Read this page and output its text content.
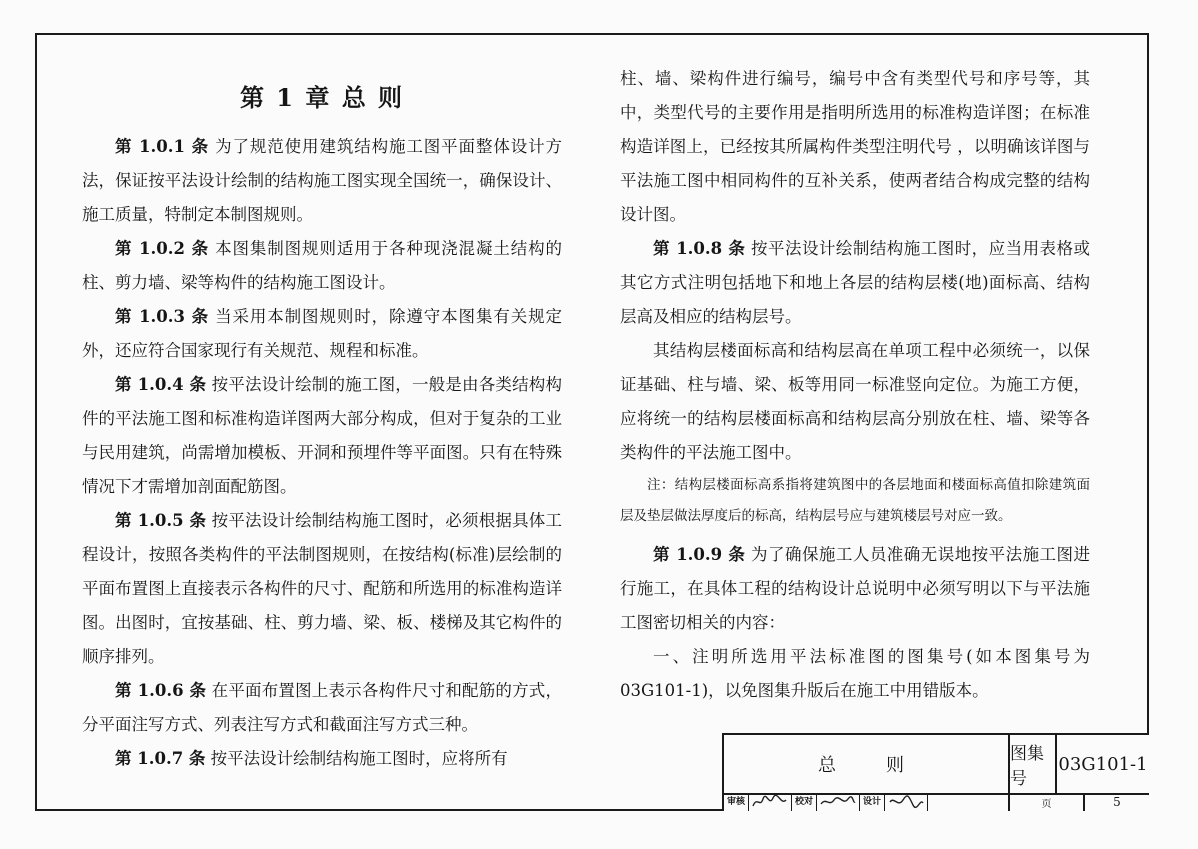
第 1 章 总 则

第 1.0.1 条 为了规范使用建筑结构施工图平面整体设计方法，保证按平法设计绘制的结构施工图实现全国统一，确保设计、施工质量，特制定本制图规则。

第 1.0.2 条 本图集制图规则适用于各种现浇混凝土结构的柱、剪力墙、梁等构件的结构施工图设计。

第 1.0.3 条 当采用本制图规则时，除遵守本图集有关规定外，还应符合国家现行有关规范、规程和标准。

第 1.0.4 条 按平法设计绘制的施工图，一般是由各类结构构件的平法施工图和标准构造详图两大部分构成，但对于复杂的工业与民用建筑，尚需增加模板、开洞和预埋件等平面图。只有在特殊情况下才需增加剖面配筋图。

第 1.0.5 条 按平法设计绘制结构施工图时，必须根据具体工程设计，按照各类构件的平法制图规则，在按结构(标准)层绘制的平面布置图上直接表示各构件的尺寸、配筋和所选用的标准构造详图。出图时，宜按基础、柱、剪力墙、梁、板、楼梯及其它构件的顺序排列。

第 1.0.6 条 在平面布置图上表示各构件尺寸和配筋的方式，分平面注写方式、列表注写方式和截面注写方式三种。

第 1.0.7 条 按平法设计绘制结构施工图时，应将所有

柱、墙、梁构件进行编号，编号中含有类型代号和序号等，其中，类型代号的主要作用是指明所选用的标准构造详图；在标准构造详图上，已经按其所属构件类型注明代号 ，以明确该详图与平法施工图中相同构件的互补关系，使两者结合构成完整的结构设计图。

第 1.0.8 条 按平法设计绘制结构施工图时，应当用表格或其它方式注明包括地下和地上各层的结构层楼(地)面标高、结构层高及相应的结构层号。

其结构层楼面标高和结构层高在单项工程中必须统一，以保证基础、柱与墙、梁、板等用同一标准竖向定位。为施工方便，应将统一的结构层楼面标高和结构层高分别放在柱、墙、梁等各类构件的平法施工图中。

注：结构层楼面标高系指将建筑图中的各层地面和楼面标高值扣除建筑面层及垫层做法厚度后的标高，结构层号应与建筑楼层号对应一致。

第 1.0.9 条 为了确保施工人员准确无误地按平法施工图进行施工，在具体工程的结构设计总说明中必须写明以下与平法施工图密切相关的内容：

一、注明所选用平法标准图的图集号(如本图集号为03G101-1)，以免图集升版后在施工中用错版本。

总则
图集号
03G101-1
审核	校对	设计	页	5
